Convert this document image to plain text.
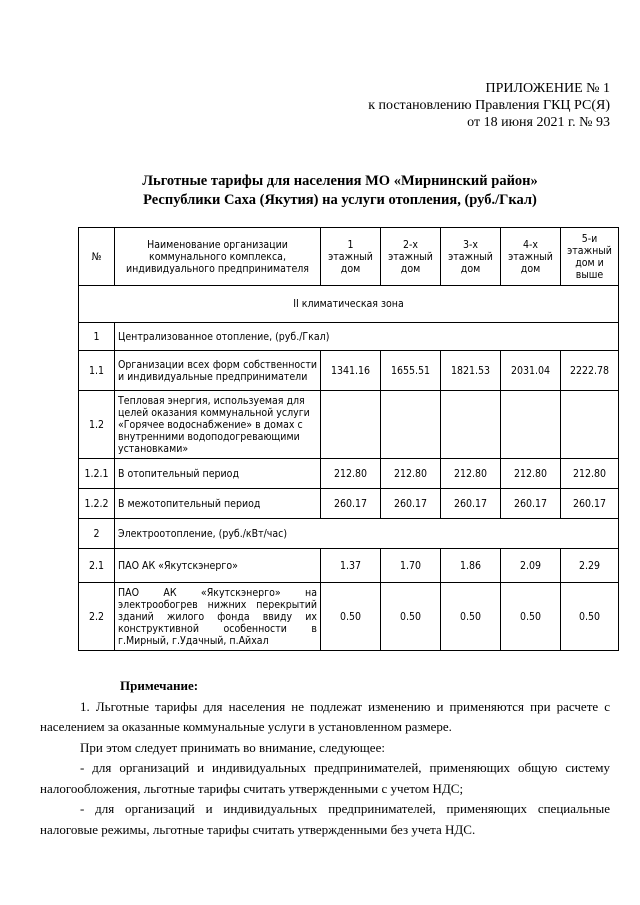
ПРИЛОЖЕНИЕ № 1
к постановлению Правления ГКЦ РС(Я)
от 18 июня 2021 г. № 93
Льготные тарифы для населения МО «Мирнинский район»
Республики Саха (Якутия) на услуги отопления, (руб./Гкал)
№	Наименование организации коммунального комплекса, индивидуального предпринимателя	1 этажный дом	2-х этажный дом	3-х этажный дом	4-х этажный дом	5-и этажный дом и выше
II климатическая зона						
1	Централизованное отопление, (руб./Гкал)					
1.1	Организации всех форм собственности и индивидуальные предприниматели	1341.16	1655.51	1821.53	2031.04	2222.78
1.2	Тепловая энергия, используемая для целей оказания коммунальной услуги «Горячее водоснабжение» в домах с внутренними водоподогревающими установками»					
1.2.1	В отопительный период	212.80	212.80	212.80	212.80	212.80
1.2.2	В межотопительный период	260.17	260.17	260.17	260.17	260.17
2	Электроотопление, (руб./кВт/час)					
2.1	ПАО АК «Якутскэнерго»	1.37	1.70	1.86	2.09	2.29
2.2	ПАО АК «Якутскэнерго» на электрообогрев нижних перекрытий зданий жилого фонда ввиду их конструктивной особенности в г.Мирный, г.Удачный, п.Айхал	0.50	0.50	0.50	0.50	0.50
Примечание:

1. Льготные тарифы для населения не подлежат изменению и применяются при расчете с населением за оказанные коммунальные услуги в установленном размере.

При этом следует принимать во внимание, следующее:

- для организаций и индивидуальных предпринимателей, применяющих общую систему налогообложения, льготные тарифы считать утвержденными с учетом НДС;

- для организаций и индивидуальных предпринимателей, применяющих специальные налоговые режимы, льготные тарифы считать утвержденными без учета НДС.
